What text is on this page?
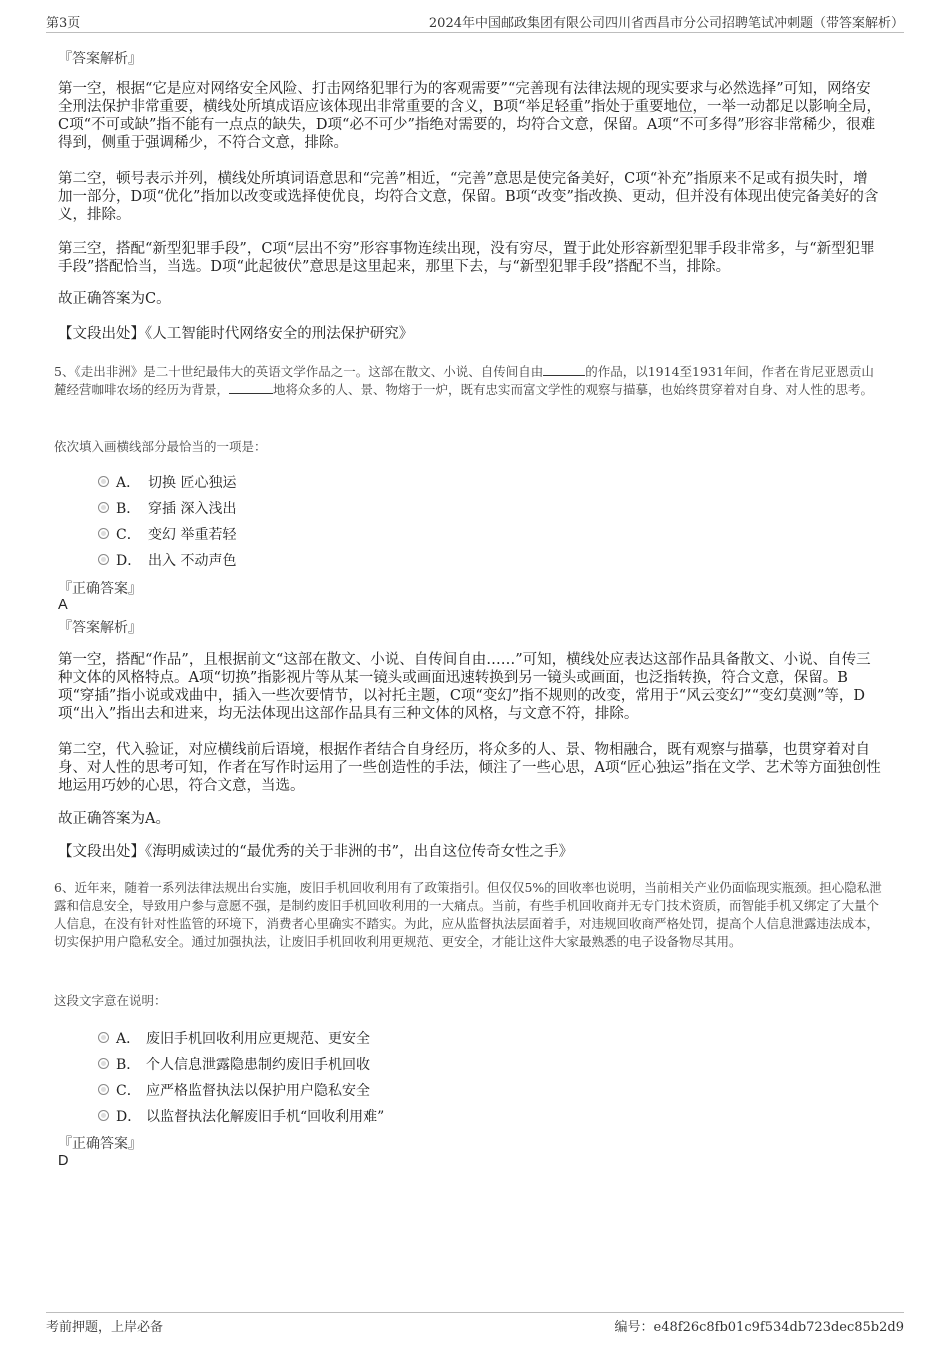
第3页	2024年中国邮政集团有限公司四川省西昌市分公司招聘笔试冲刺题（带答案解析）
『答案解析』

第一空，根据“它是应对网络安全风险、打击网络犯罪行为的客观需要”“完善现有法律法规的现实要求与必然选择”可知，网络安全刑法保护非常重要，横线处所填成语应该体现出非常重要的含义，B项“举足轻重”指处于重要地位，一举一动都足以影响全局，C项“不可或缺”指不能有一点点的缺失，D项“必不可少”指绝对需要的，均符合文意，保留。A项“不可多得”形容非常稀少，很难得到，侧重于强调稀少，不符合文意，排除。

第二空，顿号表示并列，横线处所填词语意思和“完善”相近，“完善”意思是使完备美好，C项“补充”指原来不足或有损失时，增加一部分，D项“优化”指加以改变或选择使优良，均符合文意，保留。B项“改变”指改换、更动，但并没有体现出使完备美好的含义，排除。

第三空，搭配“新型犯罪手段”，C项“层出不穷”形容事物连续出现，没有穷尽，置于此处形容新型犯罪手段非常多，与“新型犯罪手段”搭配恰当，当选。D项“此起彼伏”意思是这里起来，那里下去，与“新型犯罪手段”搭配不当，排除。

故正确答案为C。

【文段出处】《人工智能时代网络安全的刑法保护研究》

5、《走出非洲》是二十世纪最伟大的英语文学作品之一。这部在散文、小说、自传间自由	的作品，以1914至1931年间，作者在肯尼亚恩贡山麓经营咖啡农场的经历为背景，	地将众多的人、景、物熔于一炉，既有忠实而富文学性的观察与描摹，也始终贯穿着对自身、对人性的思考。

依次填入画横线部分最恰当的一项是：
A． 切换 匠心独运
B． 穿插 深入浅出
C． 变幻 举重若轻
D． 出入 不动声色
『正确答案』
A
『答案解析』

第一空，搭配“作品”，且根据前文“这部在散文、小说、自传间自由……”可知，横线处应表达这部作品具备散文、小说、自传三种文体的风格特点。A项“切换”指影视片等从某一镜头或画面迅速转换到另一镜头或画面，也泛指转换，符合文意，保留。B项“穿插”指小说或戏曲中，插入一些次要情节，以衬托主题，C项“变幻”指不规则的改变，常用于“风云变幻”“变幻莫测”等，D项“出入”指出去和进来，均无法体现出这部作品具有三种文体的风格，与文意不符，排除。

第二空，代入验证，对应横线前后语境，根据作者结合自身经历，将众多的人、景、物相融合，既有观察与描摹，也贯穿着对自身、对人性的思考可知，作者在写作时运用了一些创造性的手法，倾注了一些心思，A项“匠心独运”指在文学、艺术等方面独创性地运用巧妙的心思，符合文意，当选。

故正确答案为A。

【文段出处】《海明威读过的“最优秀的关于非洲的书”，出自这位传奇女性之手》

6、近年来，随着一系列法律法规出台实施，废旧手机回收利用有了政策指引。但仅仅5%的回收率也说明，当前相关产业仍面临现实瓶颈。担心隐私泄露和信息安全，导致用户参与意愿不强，是制约废旧手机回收利用的一大痛点。当前，有些手机回收商并无专门技术资质，而智能手机又绑定了大量个人信息，在没有针对性监管的环境下，消费者心里确实不踏实。为此，应从监督执法层面着手，对违规回收商严格处罚，提高个人信息泄露违法成本，切实保护用户隐私安全。通过加强执法，让废旧手机回收利用更规范、更安全，才能让这件大家最熟悉的电子设备物尽其用。

这段文字意在说明：
A． 废旧手机回收利用应更规范、更安全
B． 个人信息泄露隐患制约废旧手机回收
C． 应严格监督执法以保护用户隐私安全
D． 以监督执法化解废旧手机“回收利用难”
『正确答案』
D
考前押题，上岸必备	编号：e48f26c8fb01c9f534db723dec85b2d9
